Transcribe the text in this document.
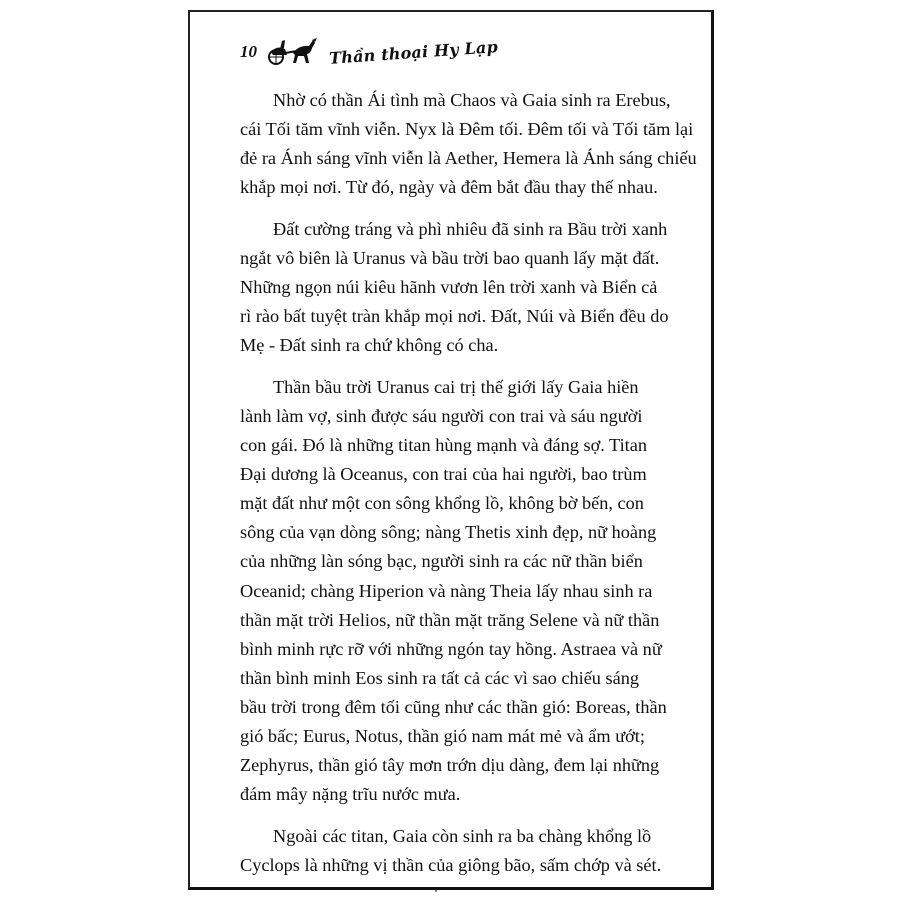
10	Thần thoại Hy Lạp
Nhờ có thần Ái tình mà Chaos và Gaia sinh ra Erebus,
cái Tối tăm vĩnh viễn. Nyx là Đêm tối. Đêm tối và Tối tăm lại
đẻ ra Ánh sáng vĩnh viễn là Aether, Hemera là Ánh sáng chiếu
khắp mọi nơi. Từ đó, ngày và đêm bắt đầu thay thế nhau.
Đất cường tráng và phì nhiêu đã sinh ra Bầu trời xanh
ngắt vô biên là Uranus và bầu trời bao quanh lấy mặt đất.
Những ngọn núi kiêu hãnh vươn lên trời xanh và Biển cả
rì rào bất tuyệt tràn khắp mọi nơi. Đất, Núi và Biển đều do
Mẹ - Đất sinh ra chứ không có cha.
Thần bầu trời Uranus cai trị thế giới lấy Gaia hiền
lành làm vợ, sinh được sáu người con trai và sáu người
con gái. Đó là những titan hùng mạnh và đáng sợ. Titan
Đại dương là Oceanus, con trai của hai người, bao trùm
mặt đất như một con sông khổng lồ, không bờ bến, con
sông của vạn dòng sông; nàng Thetis xinh đẹp, nữ hoàng
của những làn sóng bạc, người sinh ra các nữ thần biển
Oceanid; chàng Hiperion và nàng Theia lấy nhau sinh ra
thần mặt trời Helios, nữ thần mặt trăng Selene và nữ thần
bình minh rực rỡ với những ngón tay hồng. Astraea và nữ
thần bình minh Eos sinh ra tất cả các vì sao chiếu sáng
bầu trời trong đêm tối cũng như các thần gió: Boreas, thần
gió bấc; Eurus, Notus, thần gió nam mát mẻ và ẩm ướt;
Zephyrus, thần gió tây mơn trớn dịu dàng, đem lại những
đám mây nặng trĩu nước mưa.
Ngoài các titan, Gaia còn sinh ra ba chàng khổng lồ
Cyclops là những vị thần của giông bão, sấm chớp và sét.
